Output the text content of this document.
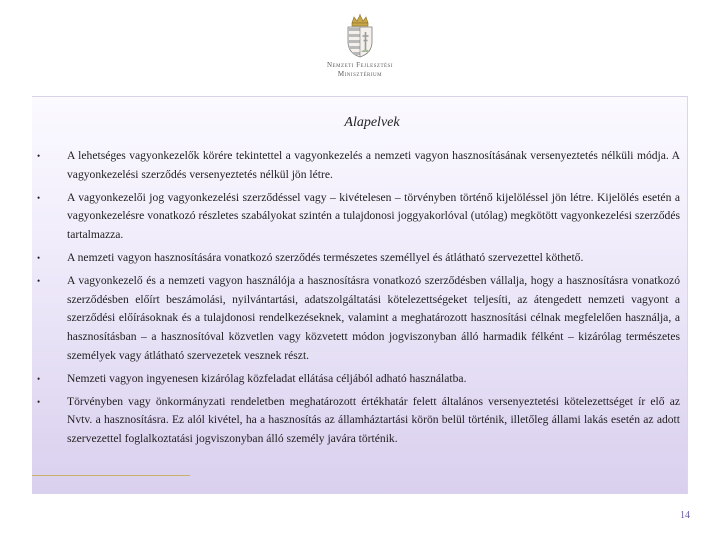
Nemzeti Fejlesztési
Minisztérium
Alapelvek
•	A lehetséges vagyonkezelők körére tekintettel a vagyonkezelés a nemzeti vagyon hasznosításának versenyeztetés nélküli módja. A vagyonkezelési szerződés versenyeztetés nélkül jön létre.
•	A vagyonkezelői jog vagyonkezelési szerződéssel vagy – kivételesen – törvényben történő kijelöléssel jön létre. Kijelölés esetén a vagyonkezelésre vonatkozó részletes szabályokat szintén a tulajdonosi joggyakorlóval (utólag) megkötött vagyonkezelési szerződés tartalmazza.
•	A nemzeti vagyon hasznosítására vonatkozó szerződés természetes személlyel és átlátható szervezettel köthető.
•	A vagyonkezelő és a nemzeti vagyon használója a hasznosításra vonatkozó szerződésben vállalja, hogy a hasznosításra vonatkozó szerződésben előírt beszámolási, nyilvántartási, adatszolgáltatási kötelezettségeket teljesíti, az átengedett nemzeti vagyont a szerződési előírásoknak és a tulajdonosi rendelkezéseknek, valamint a meghatározott hasznosítási célnak megfelelően használja, a hasznosításban – a hasznosítóval közvetlen vagy közvetett módon jogviszonyban álló harmadik félként – kizárólag természetes személyek vagy átlátható szervezetek vesznek részt.
•	Nemzeti vagyon ingyenesen kizárólag közfeladat ellátása céljából adható használatba.
•	Törvényben vagy önkormányzati rendeletben meghatározott értékhatár felett általános versenyeztetési kötelezettséget ír elő az Nvtv. a hasznosításra. Ez alól kivétel, ha a hasznosítás az államháztartási körön belül történik, illetőleg állami lakás esetén az adott szervezettel foglalkoztatási jogviszonyban álló személy javára történik.
14
